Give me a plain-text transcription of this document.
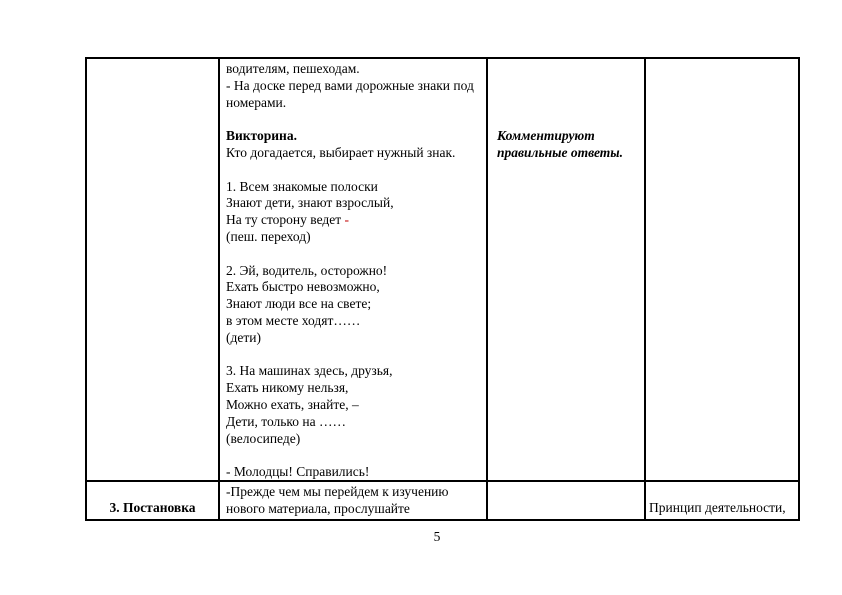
водителям, пешеходам.
- На доске перед вами дорожные знаки под
номерами.
Викторина.
Кто догадается, выбирает нужный знак.
1. Всем знакомые полоски
Знают дети, знают взрослый,
На ту сторону ведет -
(пеш. переход)
2. Эй, водитель, осторожно!
Ехать быстро невозможно,
Знают люди все на свете;
в этом месте ходят……
(дети)
3. На машинах здесь, друзья,
Ехать никому нельзя,
Можно ехать, знайте, –
Дети, только на ……
(велосипеде)
- Молодцы! Справились!
Комментируют
правильные ответы.
3. Постановка
-Прежде чем мы перейдем к изучению
нового материала, прослушайте	Принцип деятельности,
5
